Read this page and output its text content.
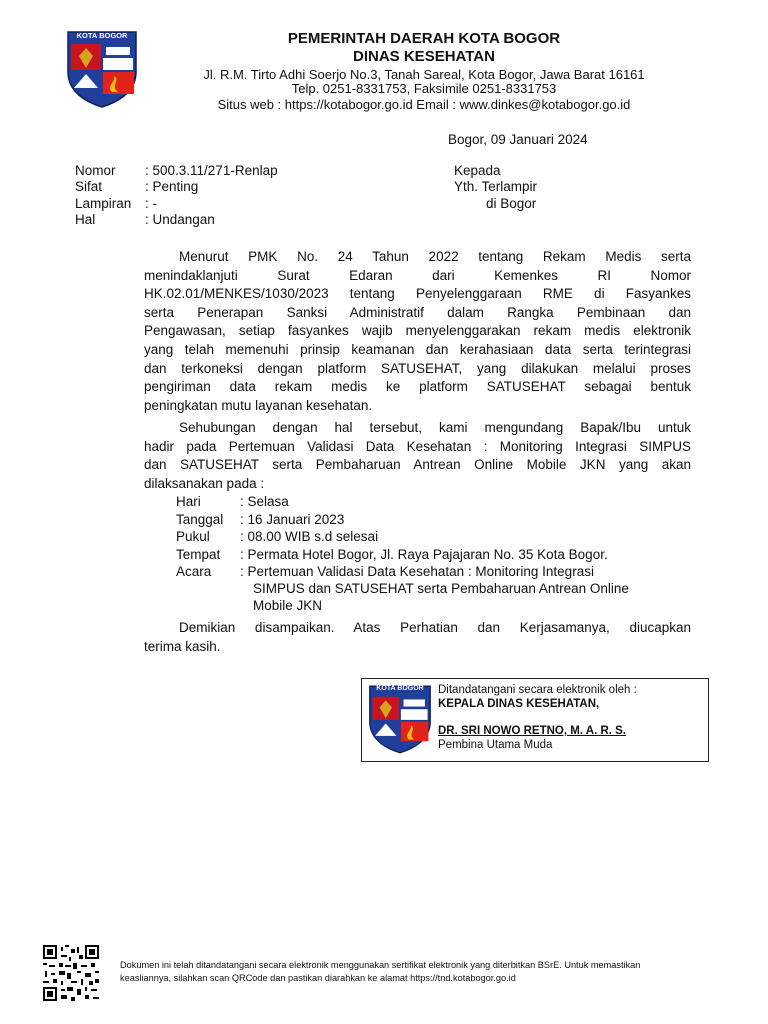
KOTA BOGOR	PEMERINTAH DAERAH KOTA BOGOR
DINAS KESEHATAN
Jl. R.M. Tirto Adhi Soerjo No.3, Tanah Sareal, Kota Bogor, Jawa Barat 16161
Telp. 0251-8331753, Faksimile 0251-8331753
Situs web : https://kotabogor.go.id Email : www.dinkes@kotabogor.go.id
Bogor, 09 Januari 2024
Nomor : 500.3.11/271-Renlap
Sifat	: Penting
Lampiran : -
Hal	: Undangan
Kepada
Yth. Terlampir
di Bogor
Menurut PMK No. 24 Tahun 2022 tentang Rekam Medis serta
menindaklanjuti Surat Edaran dari Kemenkes RI Nomor
HK.02.01/MENKES/1030/2023 tentang Penyelenggaraan RME di Fasyankes
serta Penerapan Sanksi Administratif dalam Rangka Pembinaan dan
Pengawasan, setiap fasyankes wajib menyelenggarakan rekam medis elektronik
yang telah memenuhi prinsip keamanan dan kerahasiaan data serta terintegrasi
dan terkoneksi dengan platform SATUSEHAT, yang dilakukan melalui proses
pengiriman data rekam medis ke platform SATUSEHAT sebagai bentuk
peningkatan mutu layanan kesehatan.
Sehubungan dengan hal tersebut, kami mengundang Bapak/Ibu untuk
hadir pada Pertemuan Validasi Data Kesehatan : Monitoring Integrasi SIMPUS
dan SATUSEHAT serta Pembaharuan Antrean Online Mobile JKN yang akan
dilaksanakan pada :
Hari	: Selasa
Tanggal : 16 Januari 2023
Pukul : 08.00 WIB s.d selesai
Tempat : Permata Hotel Bogor, Jl. Raya Pajajaran No. 35 Kota Bogor.
Acara : Pertemuan Validasi Data Kesehatan : Monitoring Integrasi
SIMPUS dan SATUSEHAT serta Pembaharuan Antrean Online
Mobile JKN
Demikian disampaikan. Atas Perhatian dan Kerjasamanya, diucapkan
terima kasih.
KOTA BOGOR	Ditandatangani secara elektronik oleh :
KEPALA DINAS KESEHATAN,
DR. SRI NOWO RETNO, M. A. R. S.
Pembina Utama Muda
Dokumen ini telah ditandatangani secara elektronik menggunakan sertifikat elektronik yang diterbitkan BSrE. Untuk memastikan
keasliannya, silahkan scan QRCode dan pastikan diarahkan ke alamat https://tnd.kotabogor.go.id
